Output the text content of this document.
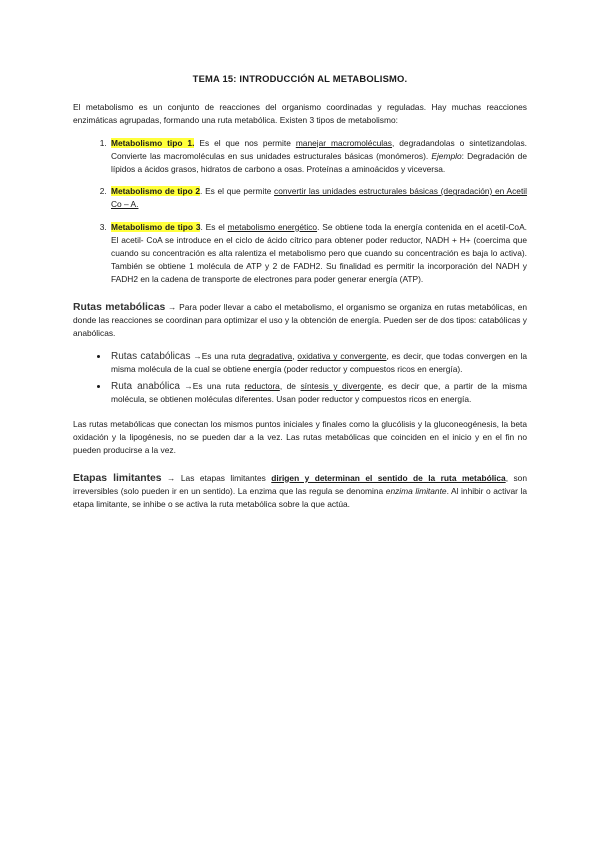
TEMA 15: INTRODUCCIÓN AL METABOLISMO.

El metabolismo es un conjunto de reacciones del organismo coordinadas y reguladas. Hay muchas reacciones enzimáticas agrupadas, formando una ruta metabólica. Existen 3 tipos de metabolismo:

1. Metabolismo tipo 1. Es el que nos permite manejar macromoléculas, degradandolas o sintetizandolas. Convierte las macromoléculas en sus unidades estructurales básicas (monómeros). Ejemplo: Degradación de lípidos a ácidos grasos, hidratos de carbono a osas. Proteínas a aminoácidos y viceversa.
2. Metabolismo de tipo 2. Es el que permite convertir las unidades estructurales básicas (degradación) en Acetil Co – A.
3. Metabolismo de tipo 3. Es el metabolismo energético. Se obtiene toda la energía contenida en el acetil-CoA. El acetil- CoA se introduce en el ciclo de ácido cítrico para obtener poder reductor, NADH + H+ (coercima que cuando su concentración es alta ralentiza el metabolismo pero que cuando su concentración es baja lo activa). También se obtiene 1 molécula de ATP y 2 de FADH2. Su finalidad es permitir la incorporación del NADH y FADH2 en la cadena de transporte de electrones para poder generar energía (ATP).

Rutas metabólicas → Para poder llevar a cabo el metabolismo, el organismo se organiza en rutas metabólicas, en donde las reacciones se coordinan para optimizar el uso y la obtención de energía. Pueden ser de dos tipos: catabólicas y anabólicas.

• Rutas catabólicas →Es una ruta degradativa, oxidativa y convergente, es decir, que todas convergen en la misma molécula de la cual se obtiene energía (poder reductor y compuestos ricos en energía).
• Ruta anabólica →Es una ruta reductora, de síntesis y divergente, es decir que, a partir de la misma molécula, se obtienen moléculas diferentes. Usan poder reductor y compuestos ricos en energía.

Las rutas metabólicas que conectan los mismos puntos iniciales y finales como la glucólisis y la gluconeogénesis, la beta oxidación y la lipogénesis, no se pueden dar a la vez. Las rutas metabólicas que coinciden en el inicio y en el fin no pueden producirse a la vez.

Etapas limitantes → Las etapas limitantes dirigen y determinan el sentido de la ruta metabólica, son irreversibles (solo pueden ir en un sentido). La enzima que las regula se denomina enzima limitante. Al inhibir o activar la etapa limitante, se inhibe o se activa la ruta metabólica sobre la que actúa.
